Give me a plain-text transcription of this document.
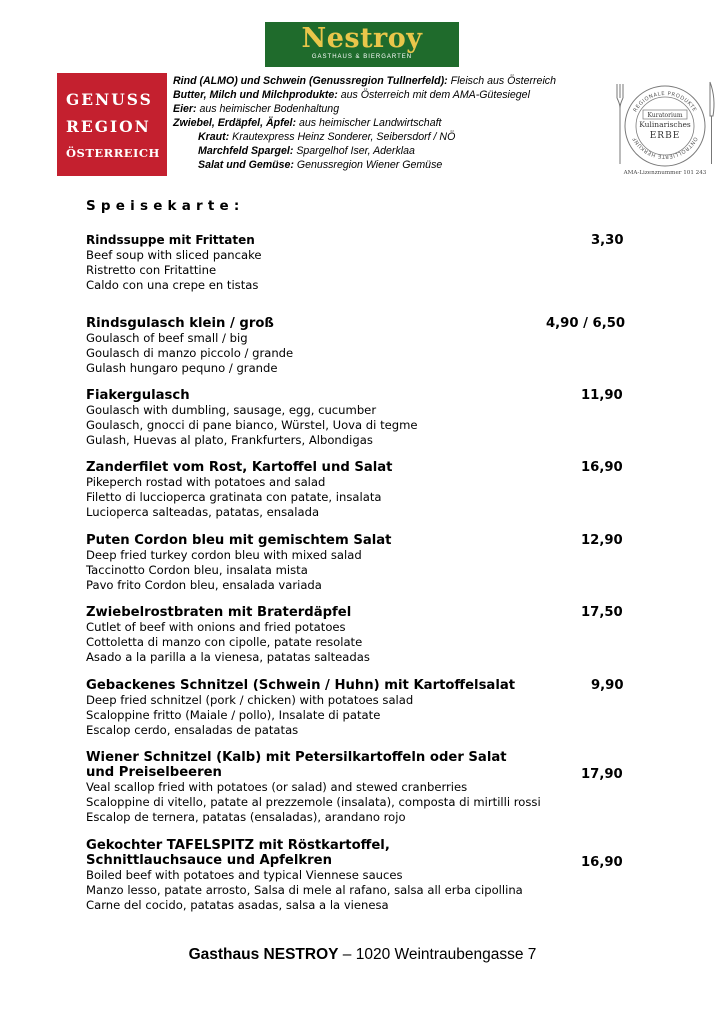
Nestroy
GASTHAUS & BIERGARTEN
GENUSS
REGION
ÖSTERREICH
Rind (ALMO) und Schwein (Genussregion Tullnerfeld): Fleisch aus Österreich
Butter, Milch und Milchprodukte: aus Österreich mit dem AMA-Gütesiegel
Eier: aus heimischer Bodenhaltung
Zwiebel, Erdäpfel, Äpfel: aus heimischer Landwirtschaft
Kraut: Krautexpress Heinz Sonderer, Seibersdorf / NÖ
Marchfeld Spargel: Spargelhof Iser, Aderklaa
Salat und Gemüse: Genussregion Wiener Gemüse
REGIONALE PRODUKTE
ONTROLLIERTE HERKUNF
Kuratorium
Kulinarisches
ERBE
AMA-Lizenznummer 101 243
Speisekarte:
Rindssuppe mit Frittaten
Beef soup with sliced pancake
Ristretto con Fritattine
Caldo con una crepe en tistas
3,30
Rindsgulasch klein / groß
Goulasch of beef small / big
Goulasch di manzo piccolo / grande
Gulash hungaro pequno / grande
4,90 / 6,50
Fiakergulasch
Goulasch with dumbling, sausage, egg, cucumber
Goulasch, gnocci di pane bianco, Würstel, Uova di tegme
Gulash, Huevas al plato, Frankfurters, Albondigas
11,90
Zanderfilet vom Rost, Kartoffel und Salat
Pikeperch rostad with potatoes and salad
Filetto di luccioperca gratinata con patate, insalata
Lucioperca salteadas, patatas, ensalada
16,90
Puten Cordon bleu mit gemischtem Salat
Deep fried turkey cordon bleu with mixed salad
Taccinotto Cordon bleu, insalata mista
Pavo frito Cordon bleu, ensalada variada
12,90
Zwiebelrostbraten mit Braterdäpfel
Cutlet of beef with onions and fried potatoes
Cottoletta di manzo con cipolle, patate resolate
Asado a la parilla a la vienesa, patatas salteadas
17,50
Gebackenes Schnitzel (Schwein / Huhn) mit Kartoffelsalat
Deep fried schnitzel (pork / chicken) with potatoes salad
Scaloppine fritto (Maiale / pollo), Insalate di patate
Escalop cerdo, ensaladas de patatas
9,90
Wiener Schnitzel (Kalb) mit Petersilkartoffeln oder Salat
und Preiselbeeren
Veal scallop fried with potatoes (or salad) and stewed cranberries
Scaloppine di vitello, patate al prezzemole (insalata), composta di mirtilli rossi
Escalop de ternera, patatas (ensaladas), arandano rojo
17,90
Gekochter TAFELSPITZ mit Röstkartoffel,
Schnittlauchsauce und Apfelkren
Boiled beef with potatoes and typical Viennese sauces
Manzo lesso, patate arrosto, Salsa di mele al rafano, salsa all erba cipollina
Carne del cocido, patatas asadas, salsa a la vienesa
16,90
Gasthaus NESTROY – 1020 Weintraubengasse 7
